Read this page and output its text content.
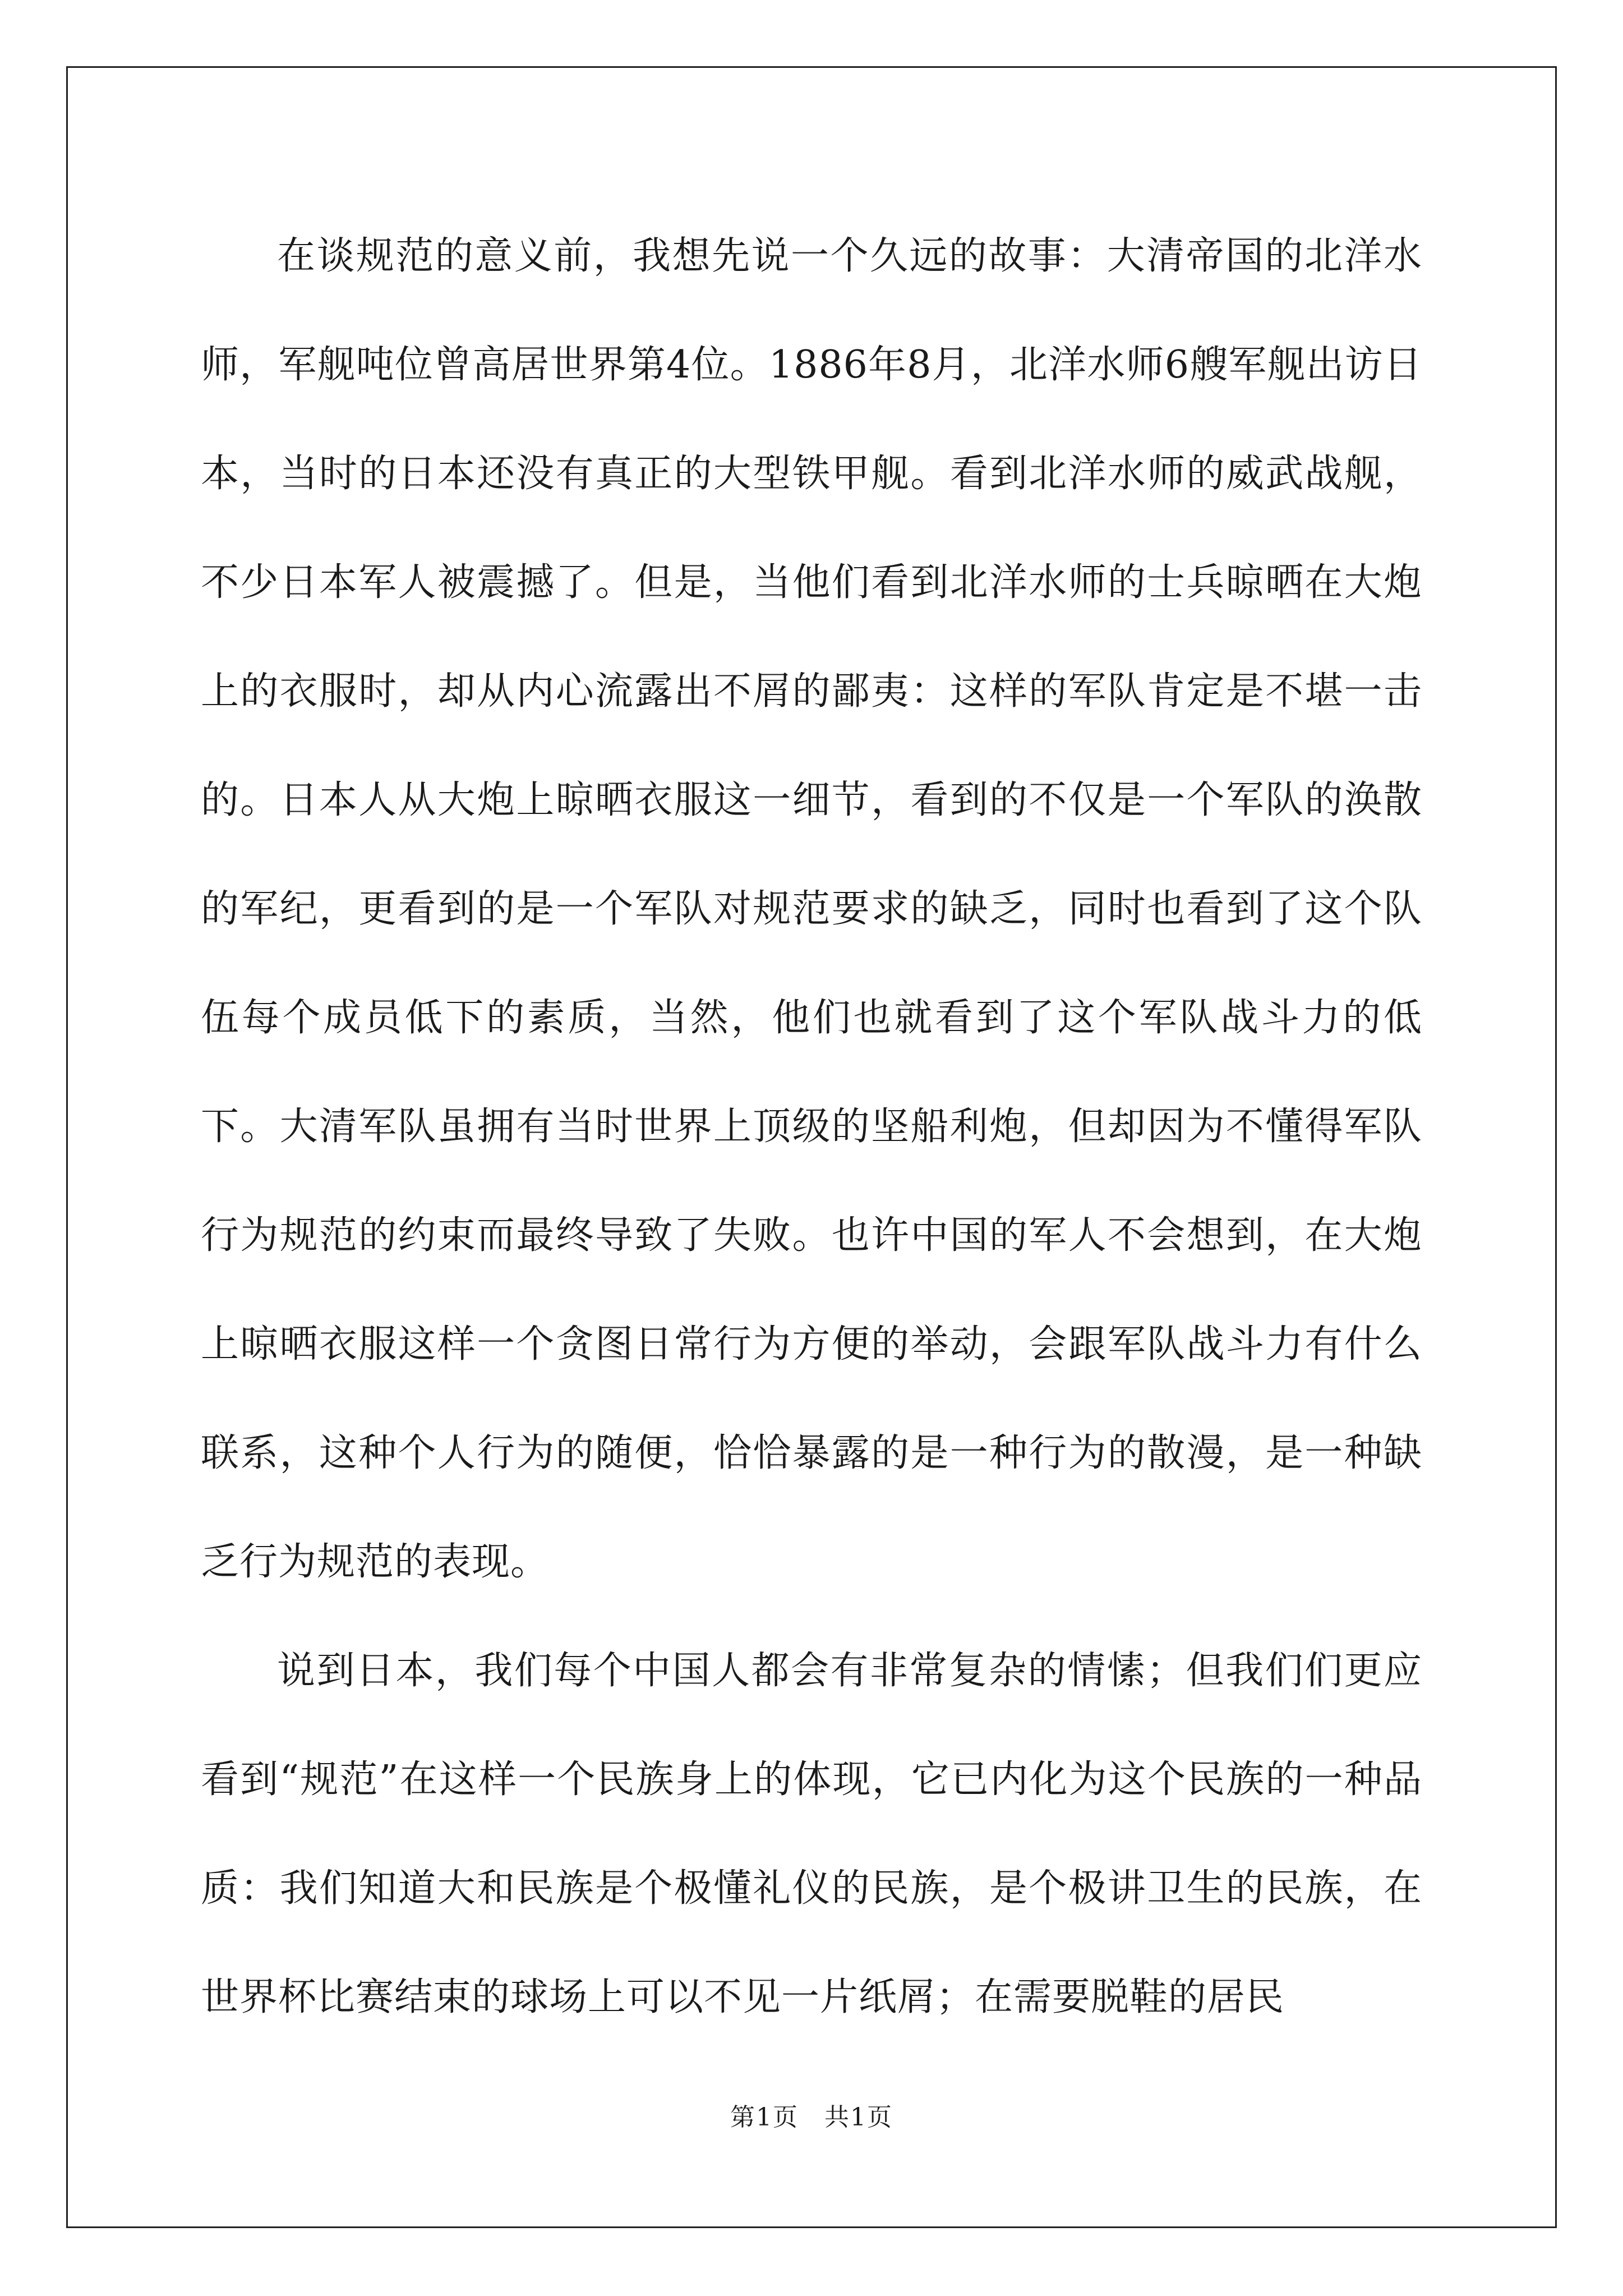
在谈规范的意义前，我想先说一个久远的故事：大清帝国的北洋水师，军舰吨位曾高居世界第4位。1886年8月，北洋水师6艘军舰出访日本，当时的日本还没有真正的大型铁甲舰。看到北洋水师的威武战舰，不少日本军人被震撼了。但是，当他们看到北洋水师的士兵晾晒在大炮上的衣服时，却从内心流露出不屑的鄙夷：这样的军队肯定是不堪一击的。日本人从大炮上晾晒衣服这一细节，看到的不仅是一个军队的涣散的军纪，更看到的是一个军队对规范要求的缺乏，同时也看到了这个队伍每个成员低下的素质，当然，他们也就看到了这个军队战斗力的低下。大清军队虽拥有当时世界上顶级的坚船利炮，但却因为不懂得军队行为规范的约束而最终导致了失败。也许中国的军人不会想到，在大炮上晾晒衣服这样一个贪图日常行为方便的举动，会跟军队战斗力有什么联系，这种个人行为的随便，恰恰暴露的是一种行为的散漫，是一种缺乏行为规范的表现。

说到日本，我们每个中国人都会有非常复杂的情愫；但我们们更应看到“规范”在这样一个民族身上的体现，它已内化为这个民族的一种品质：我们知道大和民族是个极懂礼仪的民族，是个极讲卫生的民族，在世界杯比赛结束的球场上可以不见一片纸屑；在需要脱鞋的居民

第1页　共1页
